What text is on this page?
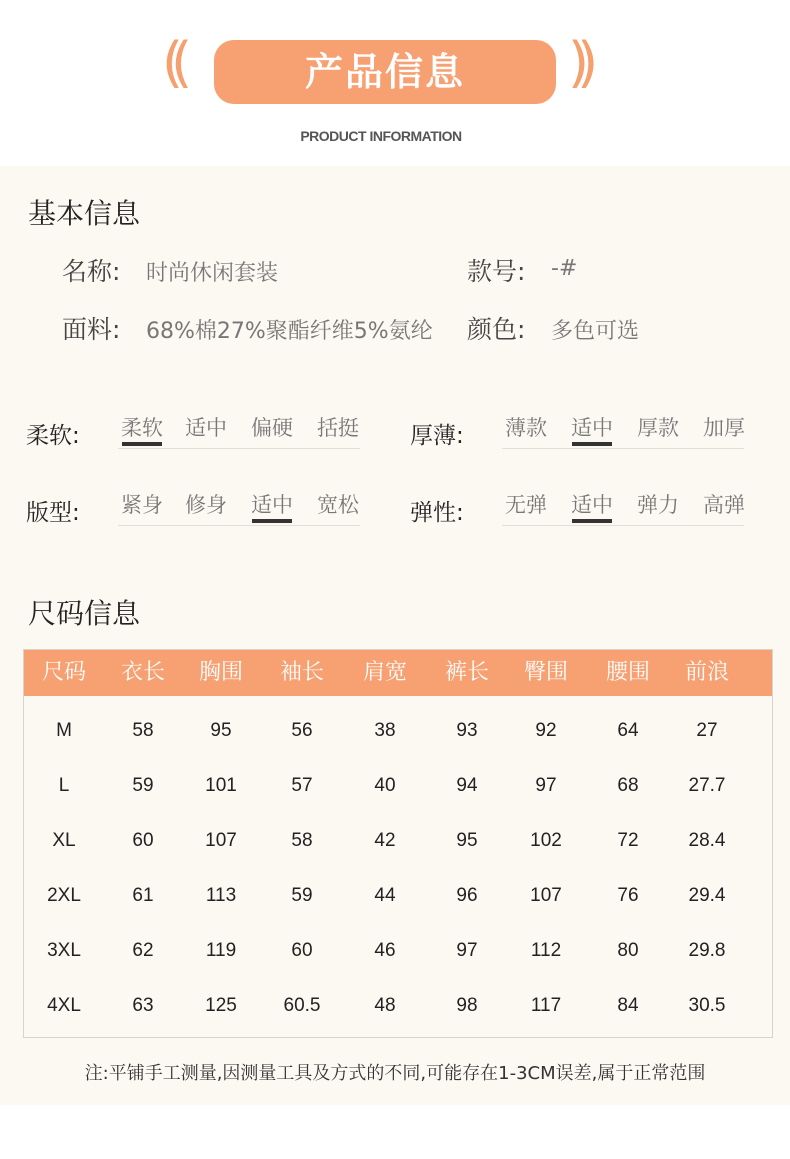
((	产品信息	))
PRODUCT INFORMATION
基本信息
名称: 时尚休闲套装	款号: -#
面料: 68%棉27%聚酯纤维5%氨纶 颜色: 多色可选
柔软: 柔软 适中 偏硬 括挺 厚薄: 薄款 适中 厚款 加厚
版型: 紧身 修身 适中 宽松 弹性: 无弹 适中 弹力 高弹
尺码信息
尺码	衣长	胸围	袖长	肩宽	裤长	臀围	腰围	前浪
M	58	95	56	38	93	92	64	27
L	59	101	57	40	94	97	68	27.7
XL	60	107	58	42	95	102	72	28.4
2XL	61	113	59	44	96	107	76	29.4
3XL	62	119	60	46	97	112	80	29.8
4XL	63	125	60.5	48	98	117	84	30.5
注:平铺手工测量,因测量工具及方式的不同,可能存在1-3CM误差,属于正常范围
